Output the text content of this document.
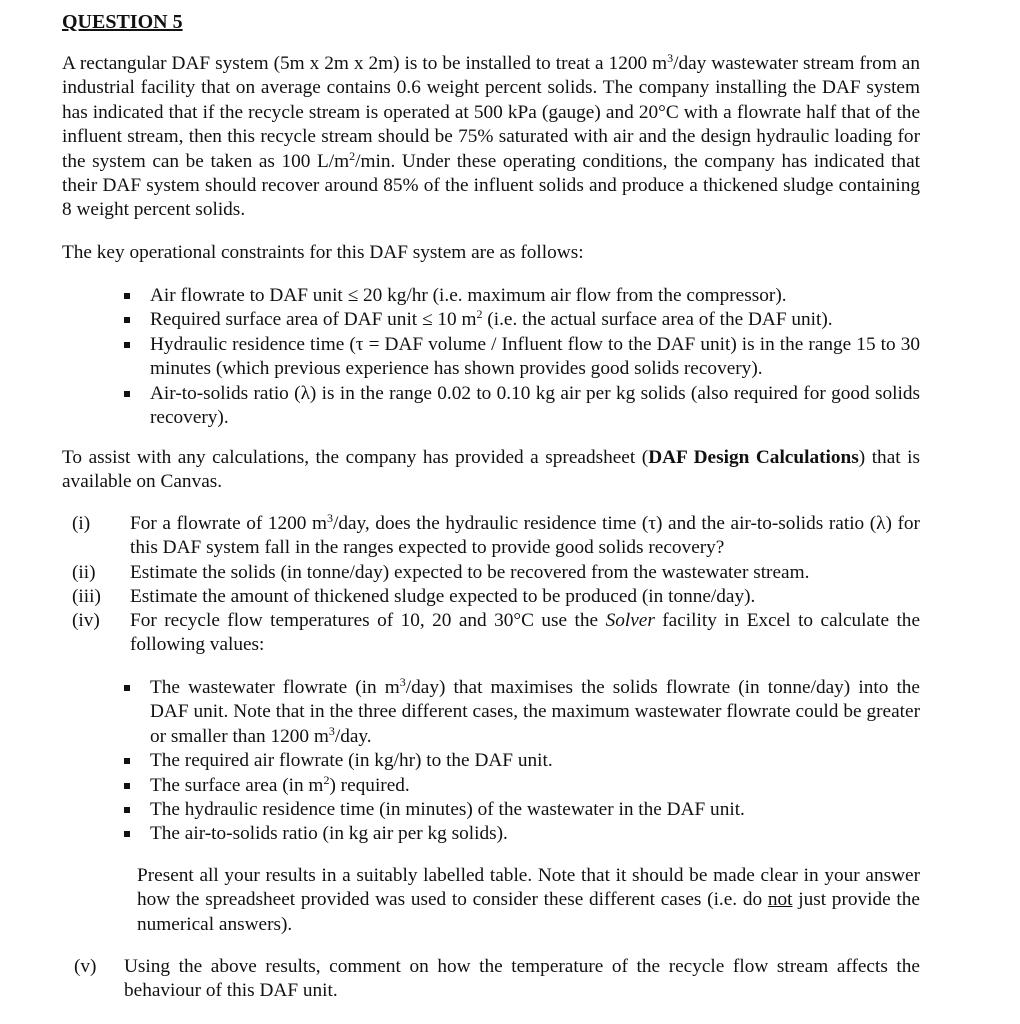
QUESTION 5
A rectangular DAF system (5m x 2m x 2m) is to be installed to treat a 1200 $m^3$/day wastewater stream from an industrial facility that on average contains 0.6 weight percent solids. The company installing the DAF system has indicated that if the recycle stream is operated at 500 kPa (gauge) and 20°C with a flowrate half that of the influent stream, then this recycle stream should be 75% saturated with air and the design hydraulic loading for the system can be taken as 100 $L/m^2/\min$. Under these operating conditions, the company has indicated that their DAF system should recover around 85% of the influent solids and produce a thickened sludge containing 8 weight percent solids.
The key operational constraints for this DAF system are as follows:
Air flowrate to DAF unit ≤ 20 kg/hr (i.e. maximum air flow from the compressor).
Required surface area of DAF unit ≤ 10 $m^2$ (i.e. the actual surface area of the DAF unit).
Hydraulic residence time (τ = DAF volume / Influent flow to the DAF unit) is in the range 15 to 30 minutes (which previous experience has shown provides good solids recovery).
Air-to-solids ratio (λ) is in the range 0.02 to 0.10 kg air per kg solids (also required for good solids recovery).
To assist with any calculations, the company has provided a spreadsheet (DAF Design Calculations) that is available on Canvas.
(i) For a flowrate of 1200 $m^3$/day, does the hydraulic residence time (τ) and the air-to-solids ratio (λ) for this DAF system fall in the ranges expected to provide good solids recovery?
(ii) Estimate the solids (in tonne/day) expected to be recovered from the wastewater stream.
(iii) Estimate the amount of thickened sludge expected to be produced (in tonne/day).
(iv) For recycle flow temperatures of 10, 20 and 30°C use the Solver facility in Excel to calculate the following values:
The wastewater flowrate (in $m^3/day$) that maximises the solids flowrate (in tonne/day) into the DAF unit. Note that in the three different cases, the maximum wastewater flowrate could be greater or smaller than 1200 $m^3$/day.
The required air flowrate (in kg/hr) to the DAF unit.
The surface area (in $m^2$) required.
The hydraulic residence time (in minutes) of the wastewater in the DAF unit.
The air-to-solids ratio (in kg air per kg solids).
Present all your results in a suitably labelled table. Note that it should be made clear in your answer how the spreadsheet provided was used to consider these different cases (i.e. do not just provide the numerical answers).
(v) Using the above results, comment on how the temperature of the recycle flow stream affects the behaviour of this DAF unit.
